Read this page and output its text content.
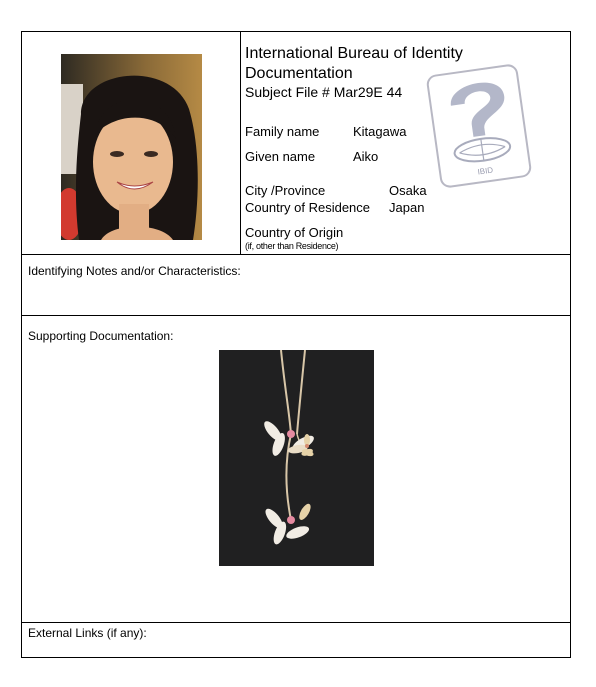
International Bureau of Identity Documentation
Subject File # Mar29E 44
Family name	Kitagawa
Given name	Aiko
City /Province	Osaka
Country of Residence Japan
Country of Origin
(if, other than Residence)
IBID
Identifying Notes and/or Characteristics:
Supporting Documentation:
External Links (if any):
